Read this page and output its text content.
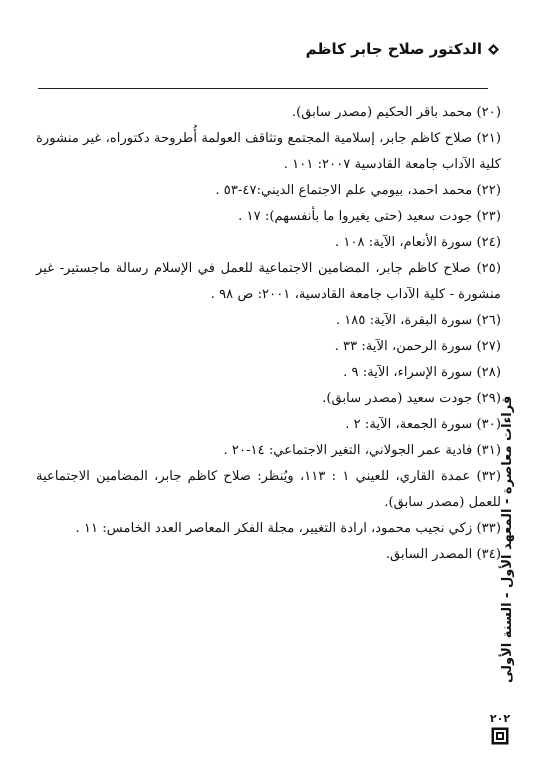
الدكتور صلاح جابر كاظم

(٢٠) محمد باقر الحكيم (مصدر سابق).

(٢١) صلاح كاظم جابر، إسلامية المجتمع وتثاقف العولمة أُطروحة دكتوراه، غير منشورة كلية الآداب جامعة القادسية ٢٠٠٧: ١٠١ .

(٢٢) محمد احمد، بيومي علم الاجتماع الديني:٤٧-٥٣ .

(٢٣) جودت سعيد (حتى يغيروا ما بأنفسهم): ١٧ .

(٢٤) سورة الأنعام، الآية: ١٠٨ .

(٢٥) صلاح كاظم جابر، المضامين الاجتماعية للعمل في الإسلام رسالة ماجستير- غير منشورة - كلية الآداب جامعة القادسية، ٢٠٠١: ص ٩٨ .

(٢٦) سورة البقرة، الآية: ١٨٥ .

(٢٧) سورة الرحمن، الآية: ٣٣ .

(٢٨) سورة الإسراء، الآية: ٩ .

(٢٩) جودت سعيد (مصدر سابق).

(٣٠) سورة الجمعة، الآية: ٢ .

(٣١) فادية عمر الجولاني، التغير الاجتماعي: ١٤-٢٠ .

(٣٢) عمدة القاري، للعيني ١ : ١١٣، ويُنظر: صلاح كاظم جابر، المضامين الاجتماعية للعمل (مصدر سابق).

(٣٣) زكي نجيب محمود، ارادة التغيير، مجلة الفكر المعاصر العدد الخامس: ١١ .

(٣٤) المصدر السابق. قراءات معاصرة - المعهد الأول - السنة الأولى
٢٠٢
